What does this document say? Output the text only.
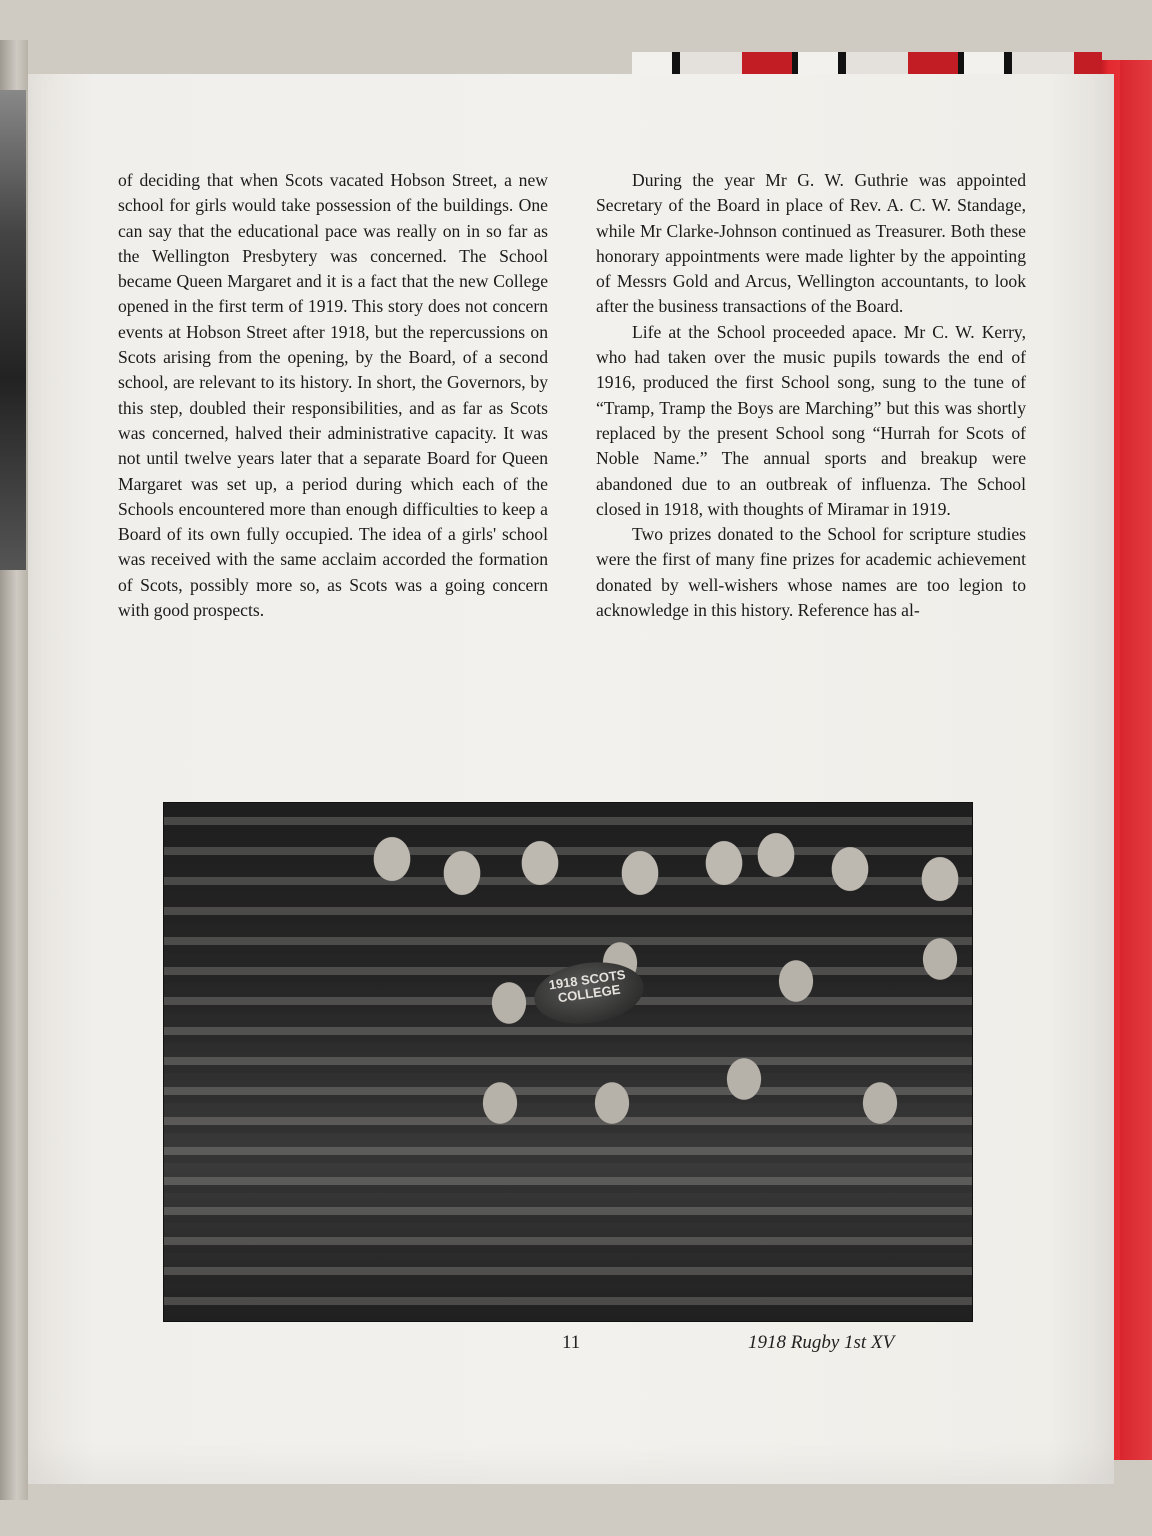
of deciding that when Scots vacated Hobson Street, a new school for girls would take possession of the buildings. One can say that the educational pace was really on in so far as the Wellington Presbytery was concerned. The School became Queen Margaret and it is a fact that the new College opened in the first term of 1919. This story does not concern events at Hobson Street after 1918, but the repercussions on Scots arising from the opening, by the Board, of a second school, are relevant to its history. In short, the Governors, by this step, doubled their responsibilities, and as far as Scots was concerned, halved their administrative capacity. It was not until twelve years later that a separate Board for Queen Margaret was set up, a period during which each of the Schools encountered more than enough difficulties to keep a Board of its own fully occupied. The idea of a girls' school was received with the same acclaim accorded the formation of Scots, possibly more so, as Scots was a going concern with good prospects.

During the year Mr G. W. Guthrie was appointed Secretary of the Board in place of Rev. A. C. W. Standage, while Mr Clarke-Johnson continued as Treasurer. Both these honorary appointments were made lighter by the appointing of Messrs Gold and Arcus, Wellington accountants, to look after the business transactions of the Board.

Life at the School proceeded apace. Mr C. W. Kerry, who had taken over the music pupils towards the end of 1916, produced the first School song, sung to the tune of “Tramp, Tramp the Boys are Marching” but this was shortly replaced by the present School song “Hurrah for Scots of Noble Name.” The annual sports and breakup were abandoned due to an outbreak of influenza. The School closed in 1918, with thoughts of Miramar in 1919.

Two prizes donated to the School for scripture studies were the first of many fine prizes for academic achievement donated by well-wishers whose names are too legion to acknowledge in this history. Reference has al-

1918 SCOTS COLLEGE
11	1918 Rugby 1st XV
